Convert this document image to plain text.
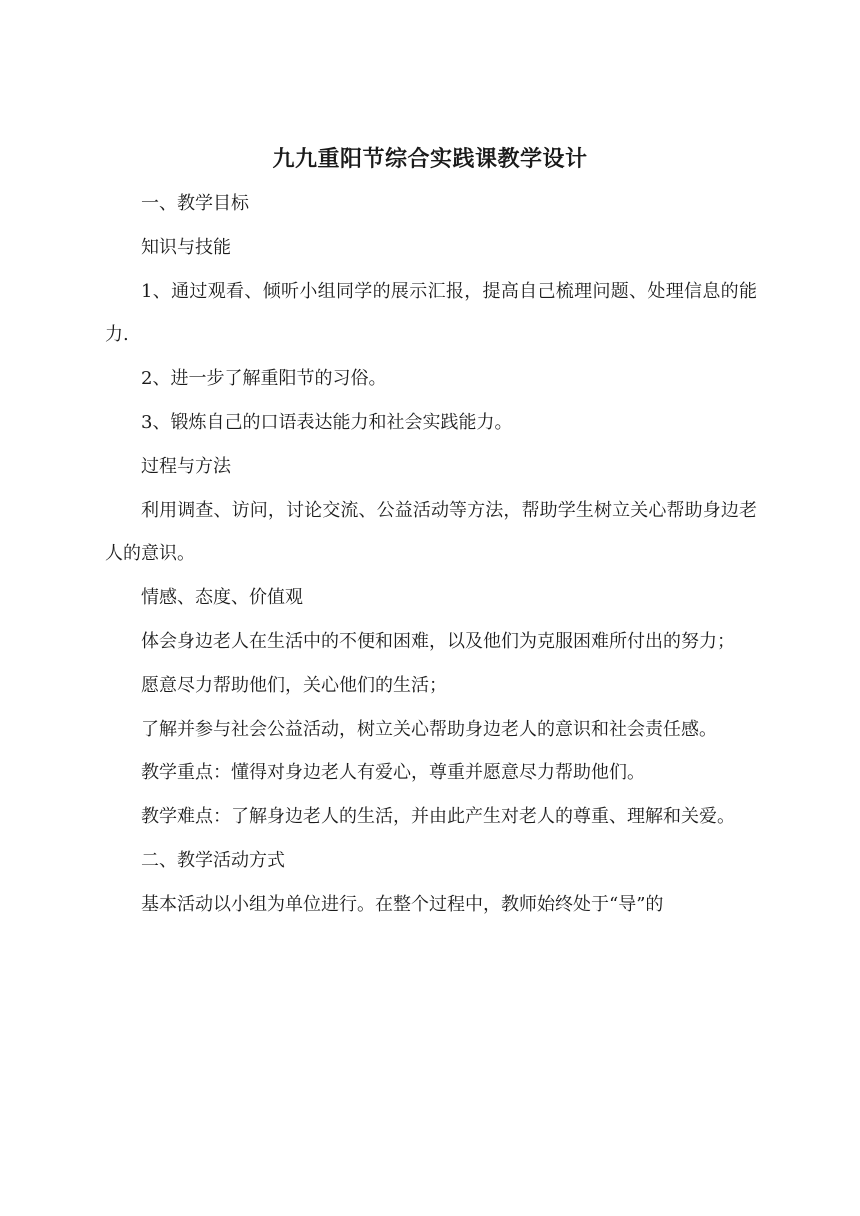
九九重阳节综合实践课教学设计

一、教学目标

知识与技能

1、通过观看、倾听小组同学的展示汇报，提高自己梳理问题、处理信息的能力.

2、进一步了解重阳节的习俗。

3、锻炼自己的口语表达能力和社会实践能力。

过程与方法

利用调查、访问，讨论交流、公益活动等方法，帮助学生树立关心帮助身边老人的意识。

情感、态度、价值观

体会身边老人在生活中的不便和困难，以及他们为克服困难所付出的努力；

愿意尽力帮助他们，关心他们的生活；

了解并参与社会公益活动，树立关心帮助身边老人的意识和社会责任感。

教学重点：懂得对身边老人有爱心，尊重并愿意尽力帮助他们。

教学难点：了解身边老人的生活，并由此产生对老人的尊重、理解和关爱。

二、教学活动方式

基本活动以小组为单位进行。在整个过程中，教师始终处于“导”的
